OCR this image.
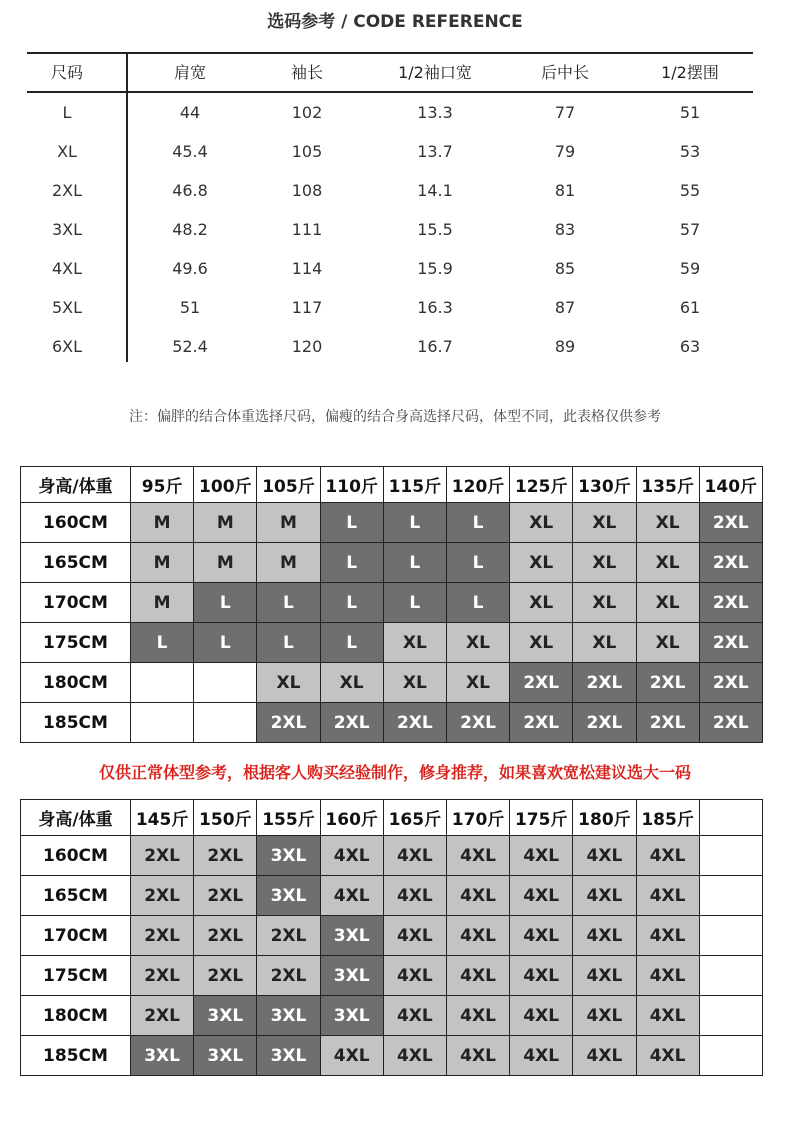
选码参考 / CODE REFERENCE
尺码	肩宽	袖长	1/2袖口宽	后中长	1/2摆围
L	44	102	13.3	77	51
XL	45.4	105	13.7	79	53
2XL	46.8	108	14.1	81	55
3XL	48.2	111	15.5	83	57
4XL	49.6	114	15.9	85	59
5XL	51	117	16.3	87	61
6XL	52.4	120	16.7	89	63
注：偏胖的结合体重选择尺码，偏瘦的结合身高选择尺码，体型不同，此表格仅供参考
身高/体重	95斤	100斤	105斤	110斤	115斤	120斤	125斤	130斤	135斤	140斤
160CM	M	M	M	L	L	L	XL	XL	XL	2XL
165CM	M	M	M	L	L	L	XL	XL	XL	2XL
170CM	M	L	L	L	L	L	XL	XL	XL	2XL
175CM	L	L	L	L	XL	XL	XL	XL	XL	2XL
180CM			XL	XL	XL	XL	2XL	2XL	2XL	2XL
185CM			2XL	2XL	2XL	2XL	2XL	2XL	2XL	2XL
仅供正常体型参考，根据客人购买经验制作，修身推荐，如果喜欢宽松建议选大一码
身高/体重	145斤	150斤	155斤	160斤	165斤	170斤	175斤	180斤	185斤	
160CM	2XL	2XL	3XL	4XL	4XL	4XL	4XL	4XL	4XL	
165CM	2XL	2XL	3XL	4XL	4XL	4XL	4XL	4XL	4XL	
170CM	2XL	2XL	2XL	3XL	4XL	4XL	4XL	4XL	4XL	
175CM	2XL	2XL	2XL	3XL	4XL	4XL	4XL	4XL	4XL	
180CM	2XL	3XL	3XL	3XL	4XL	4XL	4XL	4XL	4XL	
185CM	3XL	3XL	3XL	4XL	4XL	4XL	4XL	4XL	4XL	
